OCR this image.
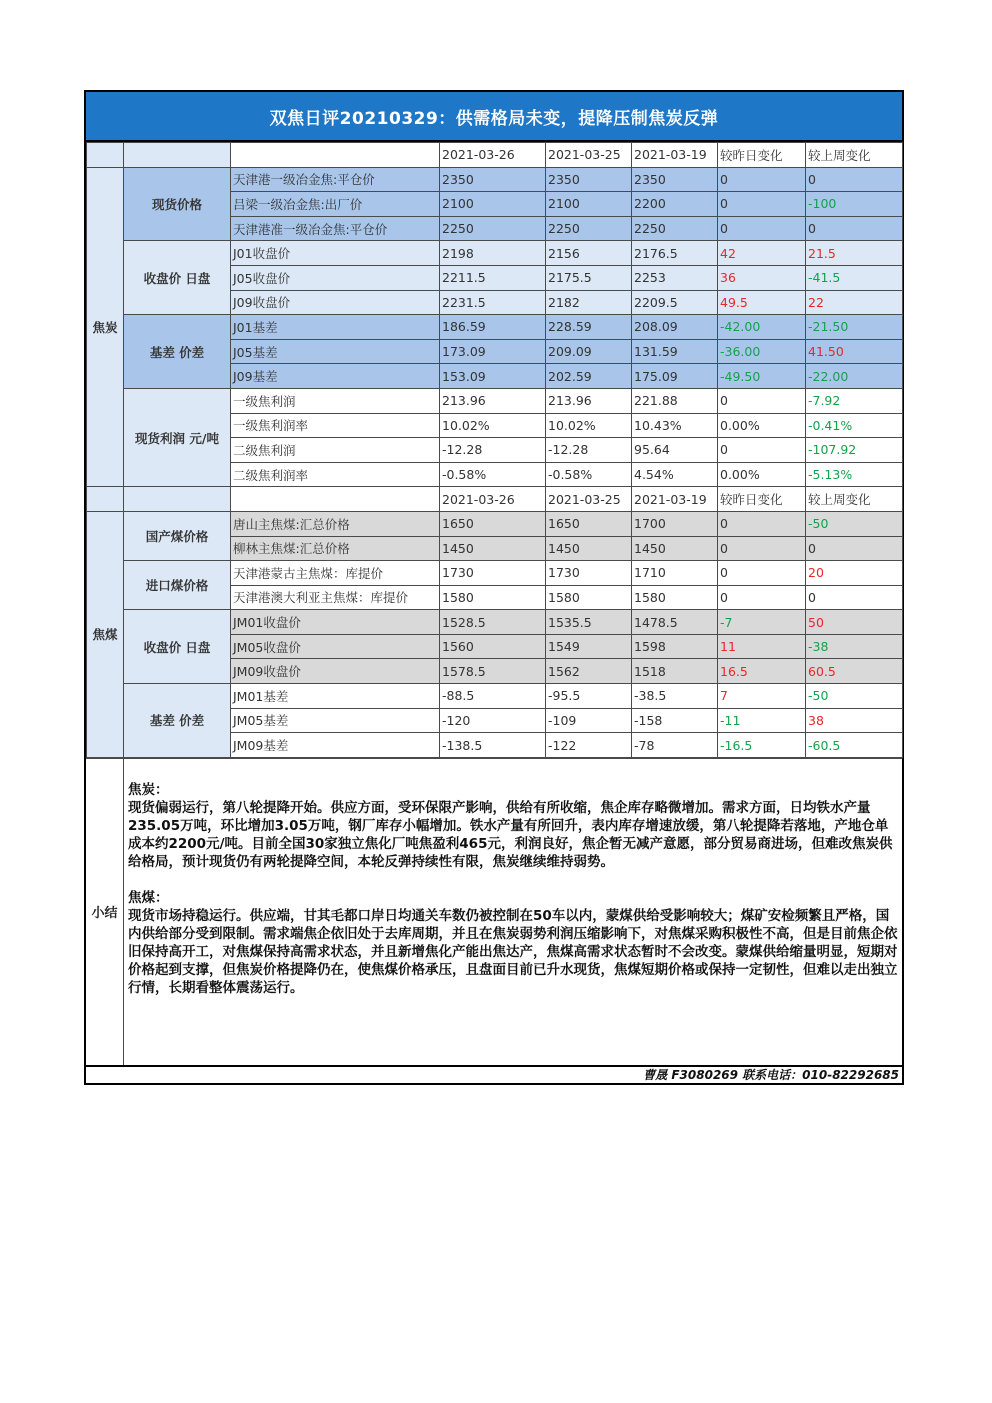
双焦日评20210329：供需格局未变，提降压制焦炭反弹
			2021-03-26	2021-03-25	2021-03-19	较昨日变化	较上周变化
焦炭	现货价格	天津港一级冶金焦:平仓价	2350	2350	2350	0	0
		吕梁一级冶金焦:出厂价	2100	2100	2200	0	-100
		天津港准一级冶金焦:平仓价	2250	2250	2250	0	0
	收盘价 日盘	J01收盘价	2198	2156	2176.5	42	21.5
		J05收盘价	2211.5	2175.5	2253	36	-41.5
		J09收盘价	2231.5	2182	2209.5	49.5	22
	基差 价差	J01基差	186.59	228.59	208.09	-42.00	-21.50
		J05基差	173.09	209.09	131.59	-36.00	41.50
		J09基差	153.09	202.59	175.09	-49.50	-22.00
	现货利润 元/吨	一级焦利润	213.96	213.96	221.88	0	-7.92
		一级焦利润率	10.02%	10.02%	10.43%	0.00%	-0.41%
		二级焦利润	-12.28	-12.28	95.64	0	-107.92
		二级焦利润率	-0.58%	-0.58%	4.54%	0.00%	-5.13%
			2021-03-26	2021-03-25	2021-03-19	较昨日变化	较上周变化
焦煤	国产煤价格	唐山主焦煤:汇总价格	1650	1650	1700	0	-50
		柳林主焦煤:汇总价格	1450	1450	1450	0	0
	进口煤价格	天津港蒙古主焦煤：库提价	1730	1730	1710	0	20
		天津港澳大利亚主焦煤：库提价	1580	1580	1580	0	0
	收盘价 日盘	JM01收盘价	1528.5	1535.5	1478.5	-7	50
		JM05收盘价	1560	1549	1598	11	-38
		JM09收盘价	1578.5	1562	1518	16.5	60.5
	基差 价差	JM01基差	-88.5	-95.5	-38.5	7	-50
		JM05基差	-120	-109	-158	-11	38
		JM09基差	-138.5	-122	-78	-16.5	-60.5
小结

焦炭：

现货偏弱运行，第八轮提降开始。供应方面，受环保限产影响，供给有所收缩，焦企库存略微增加。需求方面，日均铁水产量235.05万吨，环比增加3.05万吨，钢厂库存小幅增加。铁水产量有所回升，表内库存增速放缓，第八轮提降若落地，产地仓单成本约2200元/吨。目前全国30家独立焦化厂吨焦盈利465元，利润良好，焦企暂无减产意愿，部分贸易商进场，但难改焦炭供给格局，预计现货仍有两轮提降空间，本轮反弹持续性有限，焦炭继续维持弱势。

焦煤：

现货市场持稳运行。供应端，甘其毛都口岸日均通关车数仍被控制在50车以内，蒙煤供给受影响较大；煤矿安检频繁且严格，国内供给部分受到限制。需求端焦企依旧处于去库周期，并且在焦炭弱势利润压缩影响下，对焦煤采购积极性不高，但是目前焦企依旧保持高开工，对焦煤保持高需求状态，并且新增焦化产能出焦达产，焦煤高需求状态暂时不会改变。蒙煤供给缩量明显，短期对价格起到支撑，但焦炭价格提降仍在，使焦煤价格承压，且盘面目前已升水现货，焦煤短期价格或保持一定韧性，但难以走出独立行情，长期看整体震荡运行。

曹晟 F3080269 联系电话：010-82292685
